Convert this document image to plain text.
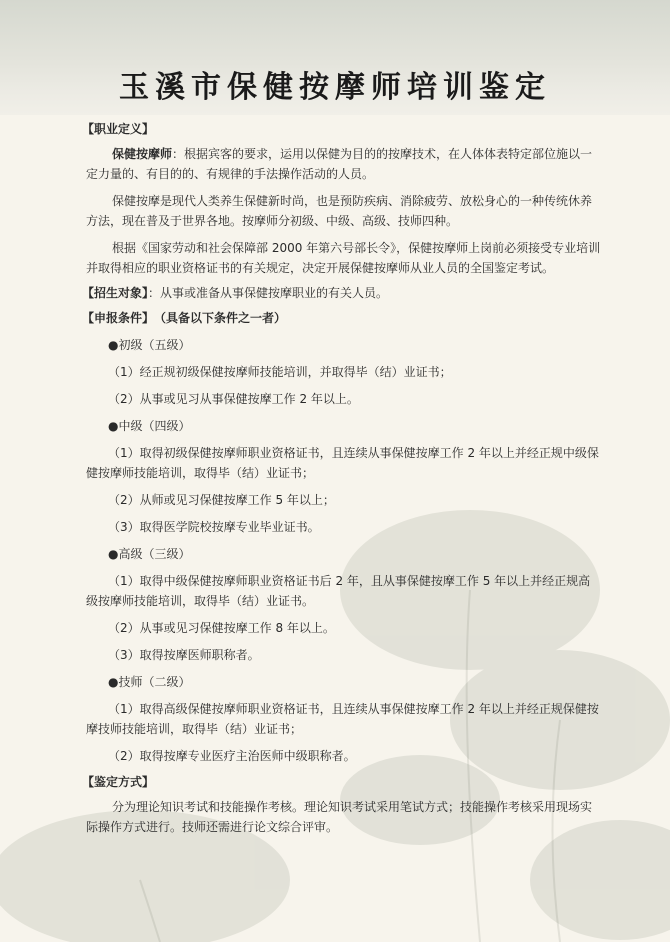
玉溪市保健按摩师培训鉴定

【职业定义】

保健按摩师：根据宾客的要求，运用以保健为目的的按摩技术，在人体体表特定部位施以一定力量的、有目的的、有规律的手法操作活动的人员。

保健按摩是现代人类养生保健新时尚，也是预防疾病、消除疲劳、放松身心的一种传统休养方法，现在普及于世界各地。按摩师分初级、中级、高级、技师四种。

根据《国家劳动和社会保障部 2000 年第六号部长令》，保健按摩师上岗前必须接受专业培训并取得相应的职业资格证书的有关规定，决定开展保健按摩师从业人员的全国鉴定考试。

【招生对象】：从事或准备从事保健按摩职业的有关人员。

【申报条件】 （具备以下条件之一者）

●初级（五级）

（1）经正规初级保健按摩师技能培训，并取得毕（结）业证书；

（2）从事或见习从事保健按摩工作 2 年以上。

●中级（四级）

（1）取得初级保健按摩师职业资格证书，且连续从事保健按摩工作 2 年以上并经正规中级保健按摩师技能培训，取得毕（结）业证书；

（2）从师或见习保健按摩工作 5 年以上；

（3）取得医学院校按摩专业毕业证书。

●高级（三级）

（1）取得中级保健按摩师职业资格证书后 2 年，且从事保健按摩工作 5 年以上并经正规高级按摩师技能培训，取得毕（结）业证书。

（2）从事或见习保健按摩工作 8 年以上。

（3）取得按摩医师职称者。

●技师（二级）

（1）取得高级保健按摩师职业资格证书，且连续从事保健按摩工作 2 年以上并经正规保健按摩技师技能培训，取得毕（结）业证书；

（2）取得按摩专业医疗主治医师中级职称者。

【鉴定方式】

分为理论知识考试和技能操作考核。理论知识考试采用笔试方式；技能操作考核采用现场实际操作方式进行。技师还需进行论文综合评审。
